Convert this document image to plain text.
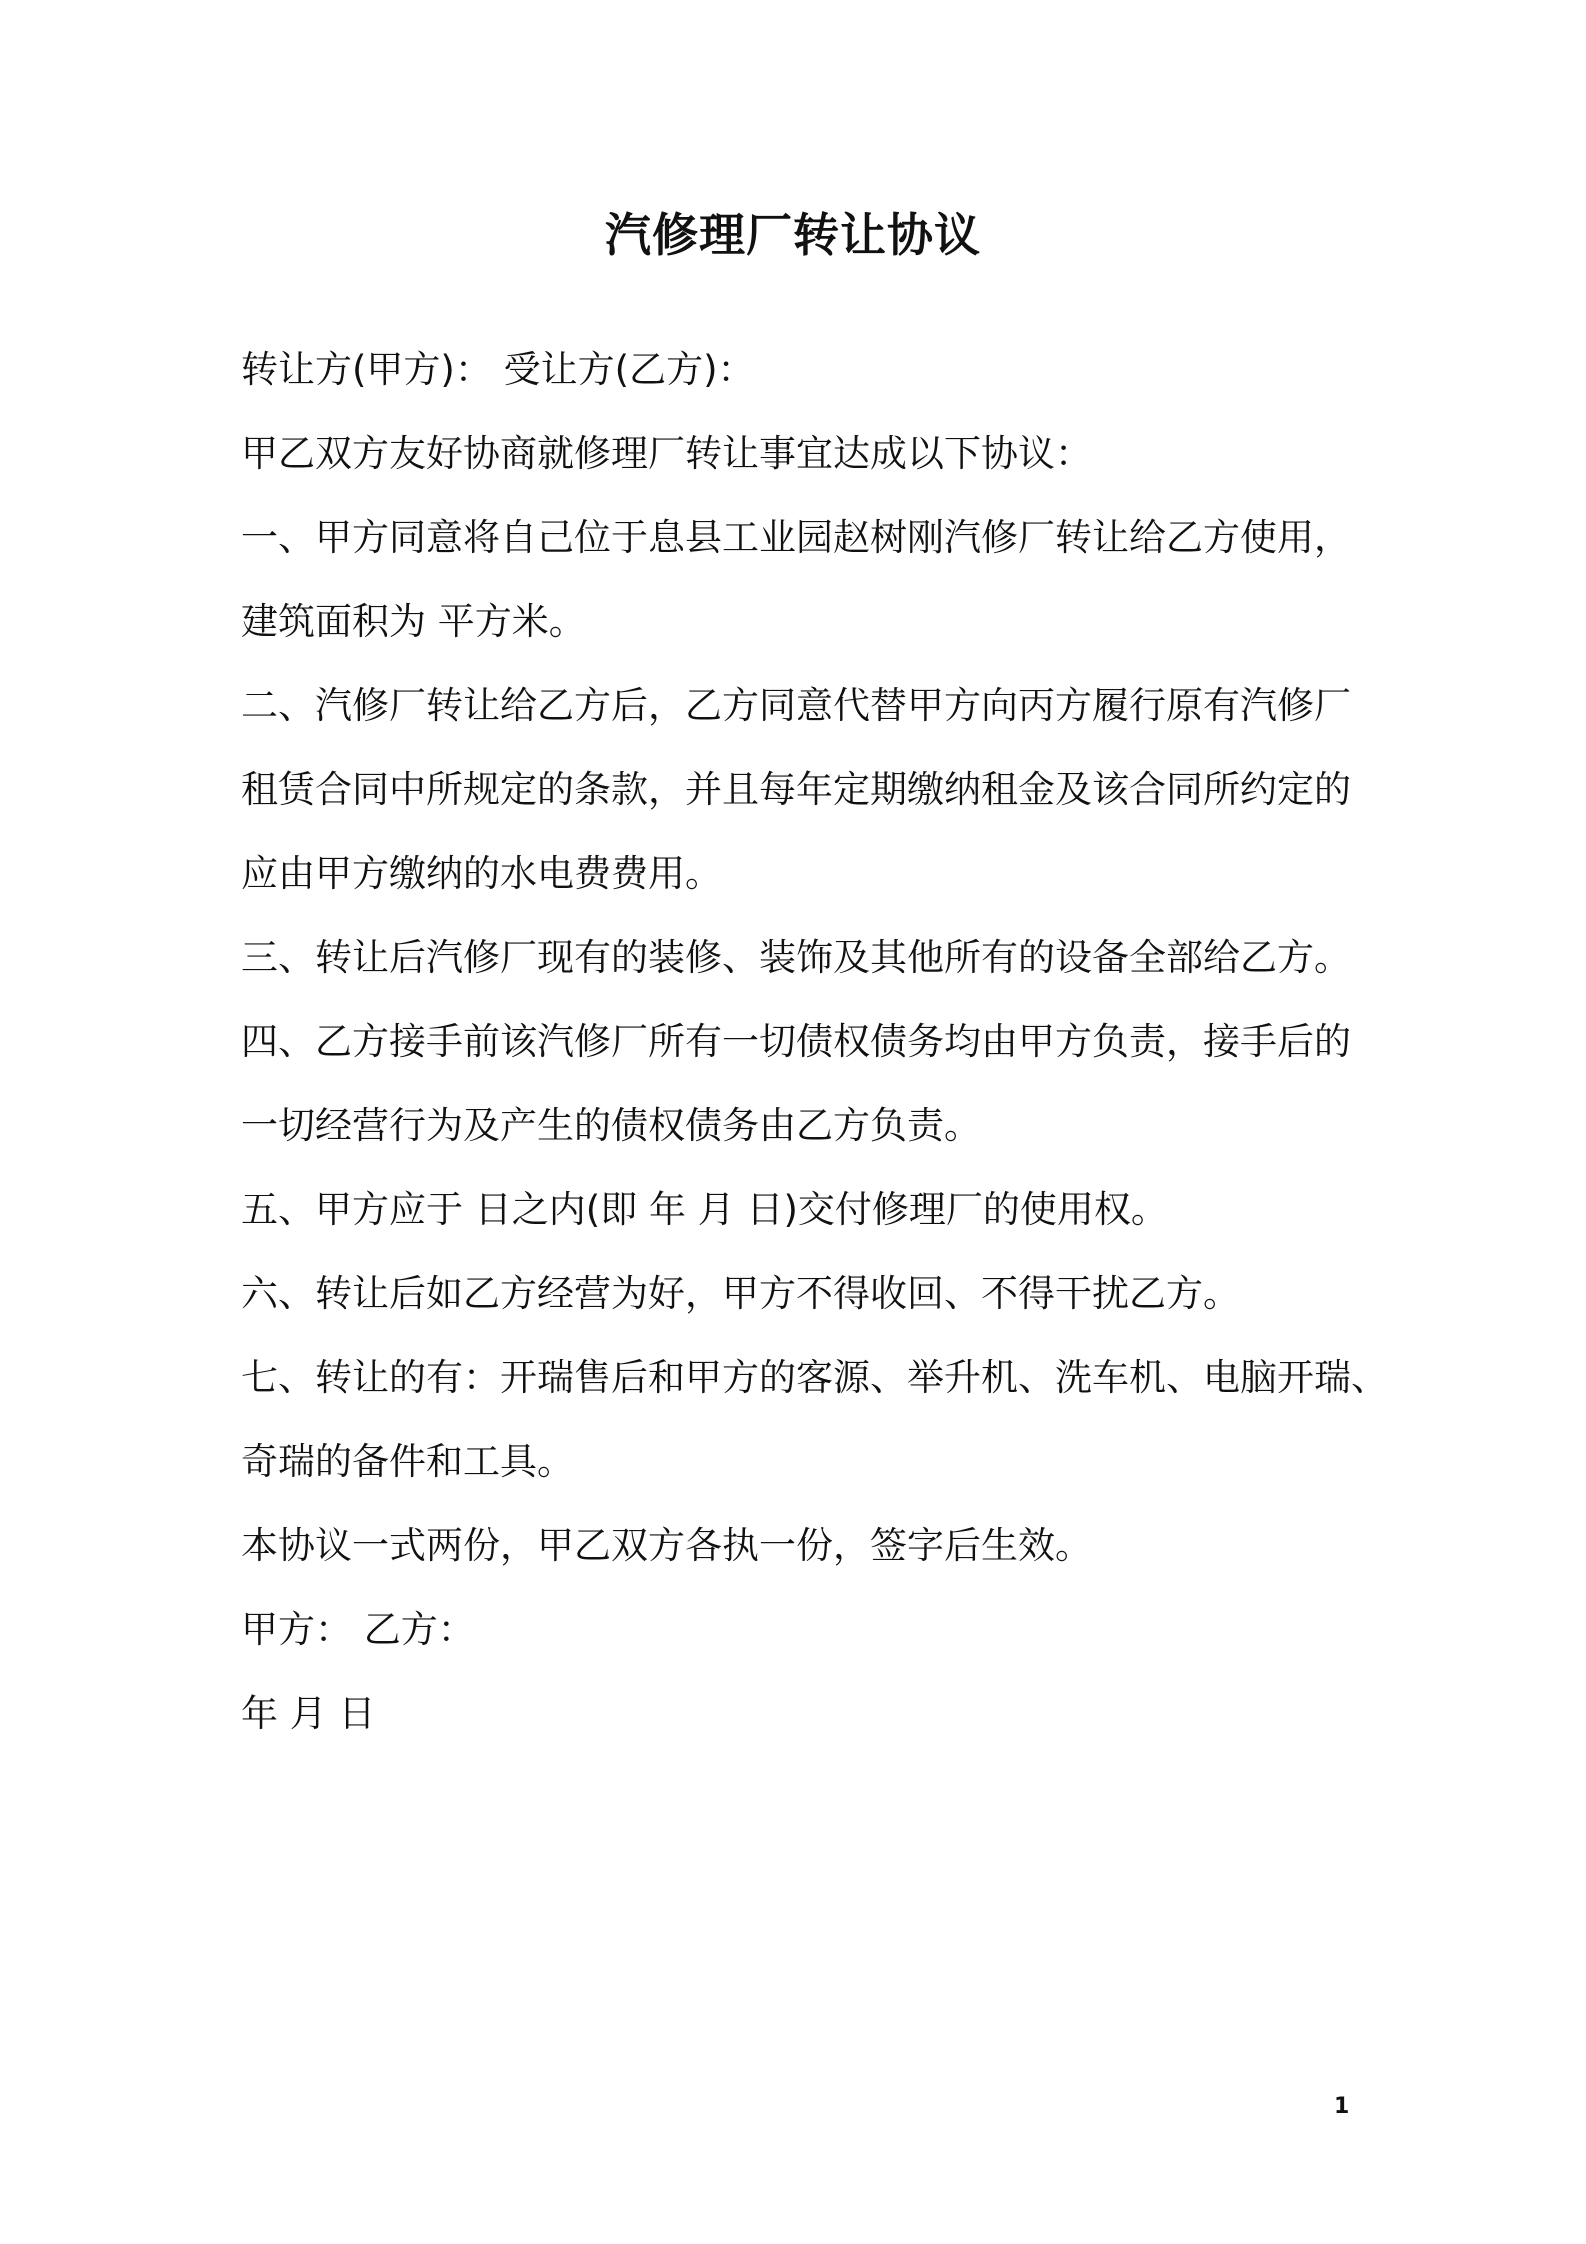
汽修理厂转让协议
转让方(甲方)： 受让方(乙方)：
甲乙双方友好协商就修理厂转让事宜达成以下协议：
一、甲方同意将自己位于息县工业园赵树刚汽修厂转让给乙方使用，
建筑面积为 平方米。
二、汽修厂转让给乙方后，乙方同意代替甲方向丙方履行原有汽修厂
租赁合同中所规定的条款，并且每年定期缴纳租金及该合同所约定的
应由甲方缴纳的水电费费用。
三、转让后汽修厂现有的装修、装饰及其他所有的设备全部给乙方。
四、乙方接手前该汽修厂所有一切债权债务均由甲方负责，接手后的
一切经营行为及产生的债权债务由乙方负责。
五、甲方应于 日之内(即 年 月 日)交付修理厂的使用权。
六、转让后如乙方经营为好，甲方不得收回、不得干扰乙方。
七、转让的有：开瑞售后和甲方的客源、举升机、洗车机、电脑开瑞、
奇瑞的备件和工具。
本协议一式两份，甲乙双方各执一份，签字后生效。
甲方： 乙方：
年 月 日
1
